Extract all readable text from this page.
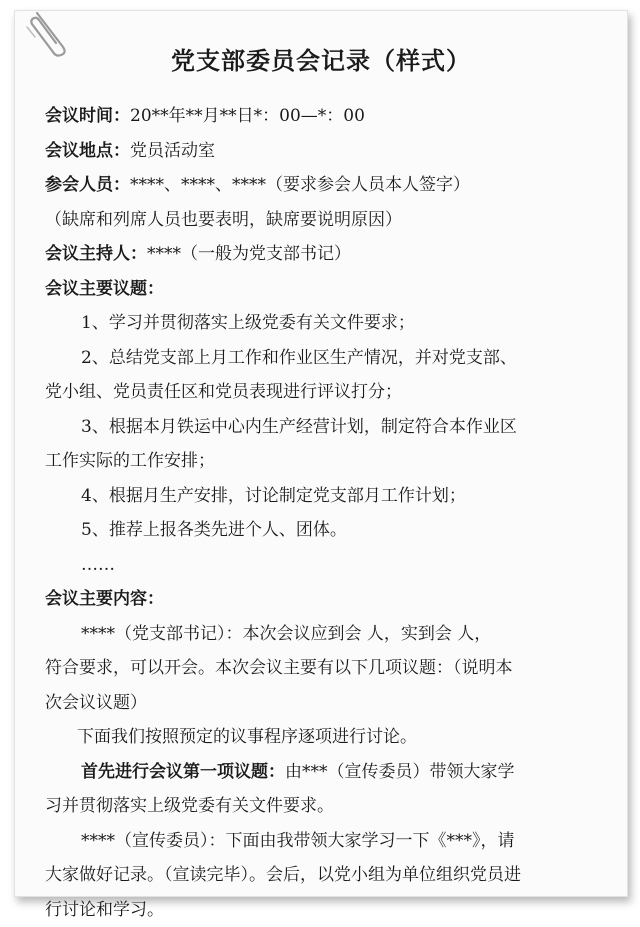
党支部委员会记录（样式）
会议时间：20**年**月**日*：00—*：00
会议地点：党员活动室
参会人员：****、****、****（要求参会人员本人签字）
（缺席和列席人员也要表明，缺席要说明原因）
会议主持人：****（一般为党支部书记）
会议主要议题：
1、学习并贯彻落实上级党委有关文件要求；
2、总结党支部上月工作和作业区生产情况，并对党支部、
党小组、党员责任区和党员表现进行评议打分；
3、根据本月铁运中心内生产经营计划，制定符合本作业区
工作实际的工作安排；
4、根据月生产安排，讨论制定党支部月工作计划；
5、推荐上报各类先进个人、团体。
……
会议主要内容：
****（党支部书记）：本次会议应到会 人，实到会 人，
符合要求，可以开会。本次会议主要有以下几项议题：（说明本
次会议议题）
下面我们按照预定的议事程序逐项进行讨论。
首先进行会议第一项议题：由***（宣传委员）带领大家学
习并贯彻落实上级党委有关文件要求。
****（宣传委员）：下面由我带领大家学习一下《***》，请
大家做好记录。（宣读完毕）。会后，以党小组为单位组织党员进
行讨论和学习。
